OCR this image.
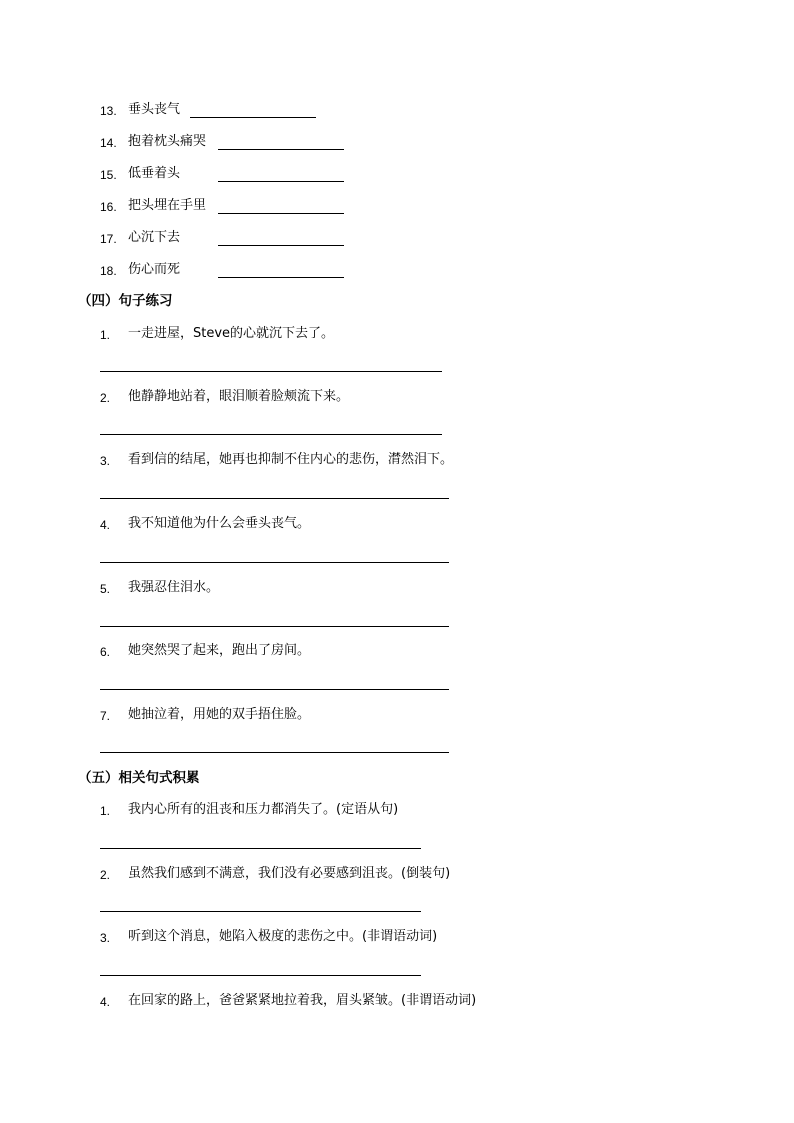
13. 垂头丧气
14. 抱着枕头痛哭
15. 低垂着头
16. 把头埋在手里
17. 心沉下去
18. 伤心而死
（四）句子练习
1. 一走进屋，Steve的心就沉下去了。
2. 他静静地站着，眼泪顺着脸颊流下来。
3. 看到信的结尾，她再也抑制不住内心的悲伤，潸然泪下。
4. 我不知道他为什么会垂头丧气。
5. 我强忍住泪水。
6. 她突然哭了起来，跑出了房间。
7. 她抽泣着，用她的双手捂住脸。
（五）相关句式积累
1. 我内心所有的沮丧和压力都消失了。(定语从句)
2. 虽然我们感到不满意，我们没有必要感到沮丧。(倒装句)
3. 听到这个消息，她陷入极度的悲伤之中。(非谓语动词)
4. 在回家的路上，爸爸紧紧地拉着我，眉头紧皱。(非谓语动词)
